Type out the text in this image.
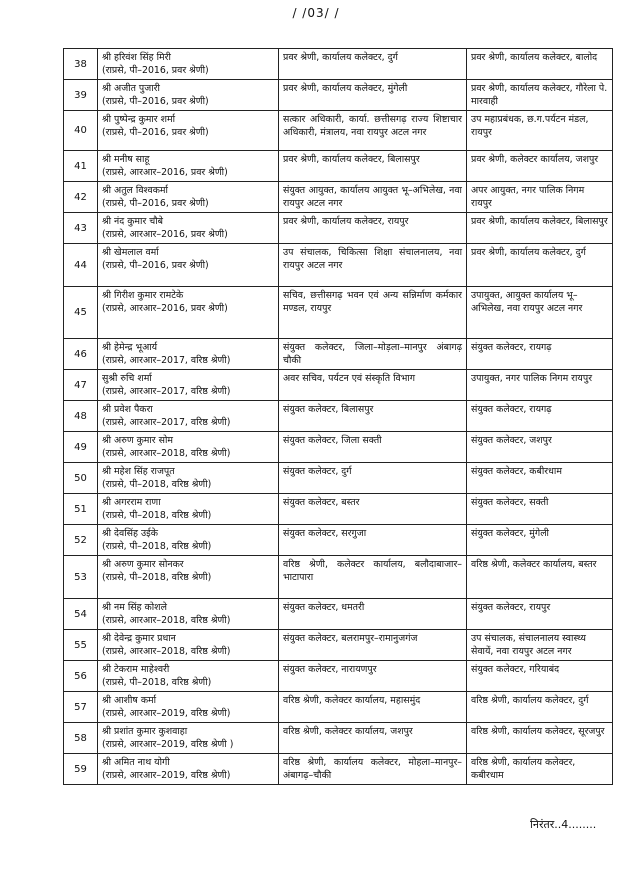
/ /03/ /
38	श्री हरिवंश सिंह मिरी
(राप्रसे, पी–2016, प्रवर श्रेणी)	प्रवर श्रेणी, कार्यालय कलेक्टर, दुर्ग	प्रवर श्रेणी, कार्यालय कलेक्टर, बालोद
39	श्री अजीत पुजारी
(राप्रसे, पी–2016, प्रवर श्रेणी)	प्रवर श्रेणी, कार्यालय कलेक्टर, मुंगेली	प्रवर श्रेणी, कार्यालय कलेक्टर, गौरेला पे. मारवाही
40	श्री पुष्पेन्द्र कुमार शर्मा
(राप्रसे, पी–2016, प्रवर श्रेणी)	सत्कार अधिकारी, कार्या. छत्तीसगढ़ राज्य शिष्टाचार अधिकारी, मंत्रालय, नवा रायपुर अटल नगर	उप महाप्रबंधक, छ.ग.पर्यटन मंडल, रायपुर
41	श्री मनीष साहू
(राप्रसे, आरआर–2016, प्रवर श्रेणी)	प्रवर श्रेणी, कार्यालय कलेक्टर, बिलासपुर	प्रवर श्रेणी, कलेक्टर कार्यालय, जशपुर
42	श्री अतुल विश्वकर्मा
(राप्रसे, पी–2016, प्रवर श्रेणी)	संयुक्त आयुक्त, कार्यालय आयुक्त भू–अभिलेख, नवा रायपुर अटल नगर	अपर आयुक्त, नगर पालिक निगम रायपुर
43	श्री नंद कुमार चौबे
(राप्रसे, आरआर–2016, प्रवर श्रेणी)	प्रवर श्रेणी, कार्यालय कलेक्टर, रायपुर	प्रवर श्रेणी, कार्यालय कलेक्टर, बिलासपुर
44	श्री खेमलाल वर्मा
(राप्रसे, पी–2016, प्रवर श्रेणी)	उप संचालक, चिकित्सा शिक्षा संचालनालय, नवा रायपुर अटल नगर	प्रवर श्रेणी, कार्यालय कलेक्टर, दुर्ग
45	श्री गिरीश कुमार रामटेके
(राप्रसे, आरआर–2016, प्रवर श्रेणी)	सचिव, छत्तीसगढ़ भवन एवं अन्य सन्निर्माण कर्मकार मण्डल, रायपुर	उपायुक्त, आयुक्त कार्यालय भू–अभिलेख, नवा रायपुर अटल नगर
46	श्री हेमेन्द्र भूआर्य
(राप्रसे, आरआर–2017, वरिष्ठ श्रेणी)	संयुक्त कलेक्टर, जिला–मोड़ला–मानपुर अंबागढ़ चौकी	संयुक्त कलेक्टर, रायगढ़
47	सुश्री रुचि शर्मा
(राप्रसे, आरआर–2017, वरिष्ठ श्रेणी)	अवर सचिव, पर्यटन एवं संस्कृति विभाग	उपायुक्त, नगर पालिक निगम रायपुर
48	श्री प्रवेश पैकरा
(राप्रसे, आरआर–2017, वरिष्ठ श्रेणी)	संयुक्त कलेक्टर, बिलासपुर	संयुक्त कलेक्टर, रायगढ़
49	श्री अरुण कुमार सोम
(राप्रसे, आरआर–2018, वरिष्ठ श्रेणी)	संयुक्त कलेक्टर, जिला सक्ती	संयुक्त कलेक्टर, जशपुर
50	श्री महेश सिंह राजपूत
(राप्रसे, पी–2018, वरिष्ठ श्रेणी)	संयुक्त कलेक्टर, दुर्ग	संयुक्त कलेक्टर, कबीरधाम
51	श्री अगरराम राणा
(राप्रसे, पी–2018, वरिष्ठ श्रेणी)	संयुक्त कलेक्टर, बस्तर	संयुक्त कलेक्टर, सक्ती
52	श्री देवसिंह उईके
(राप्रसे, पी–2018, वरिष्ठ श्रेणी)	संयुक्त कलेक्टर, सरगुजा	संयुक्त कलेक्टर, मुंगेली
53	श्री अरुण कुमार सोनकर
(राप्रसे, पी–2018, वरिष्ठ श्रेणी)	वरिष्ठ श्रेणी, कलेक्टर कार्यालय, बलौदाबाजार–भाटापारा	वरिष्ठ श्रेणी, कलेक्टर कार्यालय, बस्तर
54	श्री नम सिंह कोशले
(राप्रसे, आरआर–2018, वरिष्ठ श्रेणी)	संयुक्त कलेक्टर, धमतरी	संयुक्त कलेक्टर, रायपुर
55	श्री देवेन्द्र कुमार प्रधान
(राप्रसे, आरआर–2018, वरिष्ठ श्रेणी)	संयुक्त कलेक्टर, बलरामपुर–रामानुजगंज	उप संचालक, संचालनालय स्वास्थ्य सेवायें, नवा रायपुर अटल नगर
56	श्री टेकराम माहेश्वरी
(राप्रसे, पी–2018, वरिष्ठ श्रेणी)	संयुक्त कलेक्टर, नारायणपुर	संयुक्त कलेक्टर, गरियाबंद
57	श्री आशीष कर्मा
(राप्रसे, आरआर–2019, वरिष्ठ श्रेणी)	वरिष्ठ श्रेणी, कलेक्टर कार्यालय, महासमुंद	वरिष्ठ श्रेणी, कार्यालय कलेक्टर, दुर्ग
58	श्री प्रशांत कुमार कुशवाहा
(राप्रसे, आरआर–2019, वरिष्ठ श्रेणी )	वरिष्ठ श्रेणी, कलेक्टर कार्यालय, जशपुर	वरिष्ठ श्रेणी, कार्यालय कलेक्टर, सूरजपुर
59	श्री अमित नाथ योगी
(राप्रसे, आरआर–2019, वरिष्ठ श्रेणी)	वरिष्ठ श्रेणी, कार्यालय कलेक्टर, मोहला–मानपुर–अंबागढ़–चौकी	वरिष्ठ श्रेणी, कार्यालय कलेक्टर, कबीरधाम
निरंतर..4........
